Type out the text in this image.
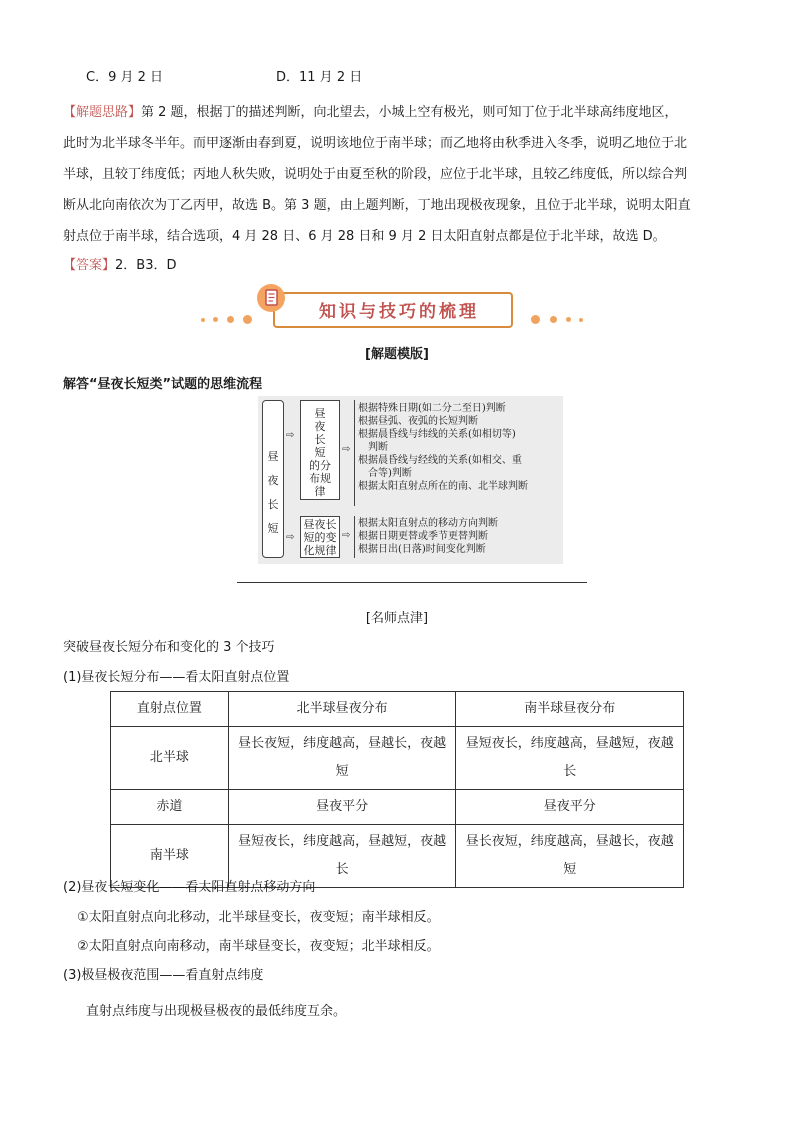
C．9 月 2 日	D．11 月 2 日
【解题思路】第 2 题，根据丁的描述判断，向北望去，小城上空有极光，则可知丁位于北半球高纬度地区，
此时为北半球冬半年。而甲逐渐由春到夏，说明该地位于南半球；而乙地将由秋季进入冬季，说明乙地位于北
半球，且较丁纬度低；丙地人秋失败，说明处于由夏至秋的阶段，应位于北半球，且较乙纬度低，所以综合判
断从北向南依次为丁乙丙甲，故选 B。第 3 题，由上题判断，丁地出现极夜现象，且位于北半球，说明太阳直
射点位于南半球，结合选项，4 月 28 日、6 月 28 日和 9 月 2 日太阳直射点都是位于北半球，故选 D。
【答案】2．B3．D
知识与技巧的梳理
[解题模版]
解答“昼夜长短类”试题的思维流程
昼
夜
长
短
⇨
⇨
昼
夜
长
短
的分
布规
律
⇨
根据特殊日期(如二分二至日)判断
根据昼弧、夜弧的长短判断
根据晨昏线与纬线的关系(如相切等)
　判断
根据晨昏线与经线的关系(如相交、重
　合等)判断
根据太阳直射点所在的南、北半球判断
昼夜长
短的变
化规律
⇨
根据太阳直射点的移动方向判断
根据日期更替或季节更替判断
根据日出(日落)时间变化判断
[名师点津]
突破昼夜长短分布和变化的 3 个技巧
(1)昼夜长短分布——看太阳直射点位置
直射点位置	北半球昼夜分布	南半球昼夜分布
北半球	昼长夜短，纬度越高，昼越长，夜越短	昼短夜长，纬度越高，昼越短，夜越长
赤道	昼夜平分	昼夜平分
南半球	昼短夜长，纬度越高，昼越短，夜越长	昼长夜短，纬度越高，昼越长，夜越短
(2)昼夜长短变化——看太阳直射点移动方向
①太阳直射点向北移动，北半球昼变长，夜变短；南半球相反。
②太阳直射点向南移动，南半球昼变长，夜变短；北半球相反。
(3)极昼极夜范围——看直射点纬度
直射点纬度与出现极昼极夜的最低纬度互余。
